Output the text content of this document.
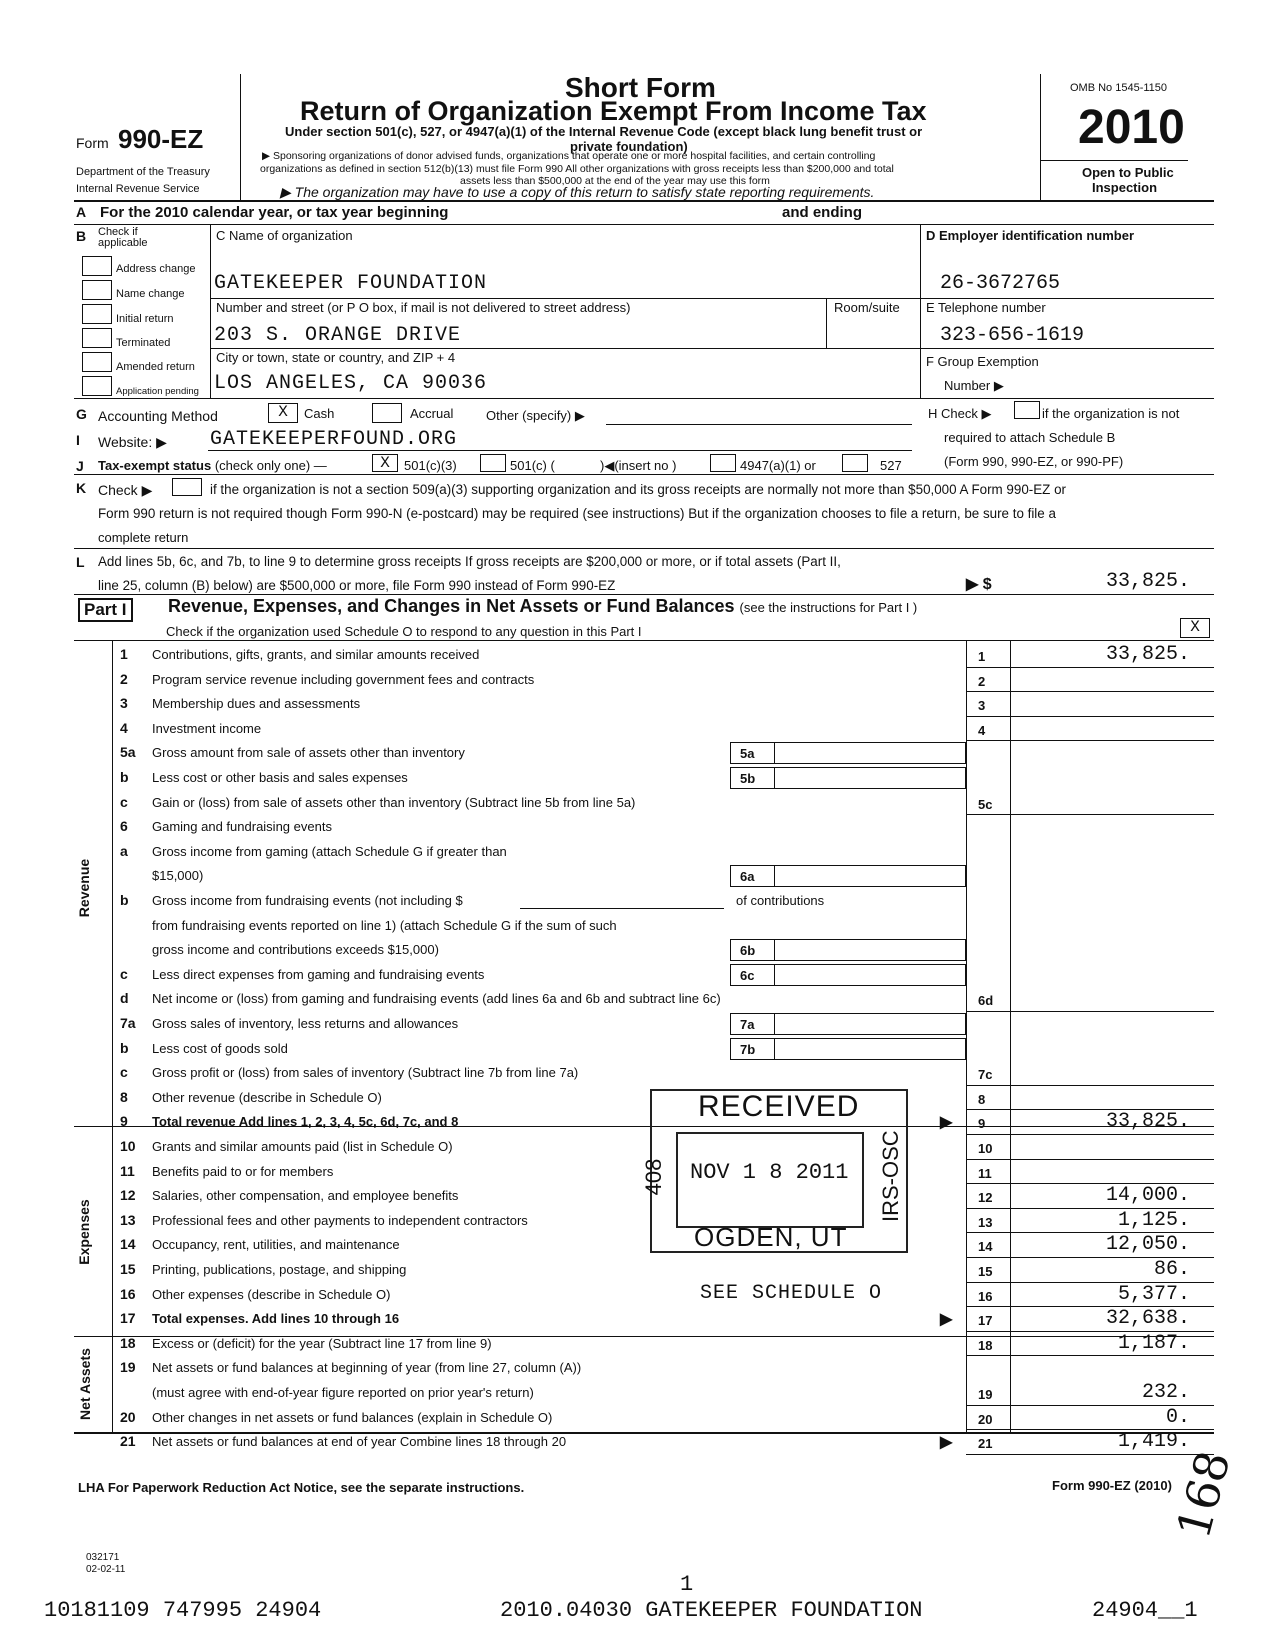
Form 990-EZ
Department of the Treasury
Internal Revenue Service
Short Form
Return of Organization Exempt From Income Tax
Under section 501(c), 527, or 4947(a)(1) of the Internal Revenue Code (except black lung benefit trust or
private foundation)
▶ Sponsoring organizations of donor advised funds, organizations that operate one or more hospital facilities, and certain controlling
organizations as defined in section 512(b)(13) must file Form 990 All other organizations with gross receipts less than $200,000 and total
assets less than $500,000 at the end of the year may use this form
▶ The organization may have to use a copy of this return to satisfy state reporting requirements.
OMB No 1545-1150
2010
Open to Public
Inspection
A For the 2010 calendar year, or tax year beginning	and ending
B Check if
applicable
Address change
Name change
Initial return
Terminated
Amended return
Application pending
C Name of organization
GATEKEEPER FOUNDATION
Number and street (or P O box, if mail is not delivered to street address)	Room/suite
203 S. ORANGE DRIVE
City or town, state or country, and ZIP + 4
LOS ANGELES, CA 90036
D Employer identification number
26-3672765
E Telephone number
323-656-1619
F Group Exemption
Number ▶
G Accounting Method	X	Cash	Accrual	Other (specify) ▶	H Check ▶	if the organization is not
required to attach Schedule B
(Form 990, 990-EZ, or 990-PF)
I Website: ▶ GATEKEEPERFOUND.ORG
J Tax-exempt status (check only one) —	X	501(c)(3)	501(c) (	)◀(insert no )	4947(a)(1) or	527
K Check ▶	if the organization is not a section 509(a)(3) supporting organization and its gross receipts are normally not more than $50,000 A Form 990-EZ or
Form 990 return is not required though Form 990-N (e-postcard) may be required (see instructions) But if the organization chooses to file a return, be sure to file a
complete return
L Add lines 5b, 6c, and 7b, to line 9 to determine gross receipts If gross receipts are $200,000 or more, or if total assets (Part II,
line 25, column (B) below) are $500,000 or more, file Form 990 instead of Form 990-EZ	▶ $	33,825.
Part I	Revenue, Expenses, and Changes in Net Assets or Fund Balances (see the instructions for Part I )
Check if the organization used Schedule O to respond to any question in this Part I	X
1 Contributions, gifts, grants, and similar amounts received	1	33,825.
2 Program service revenue including government fees and contracts	2
3 Membership dues and assessments	3
4 Investment income	4
5a Gross amount from sale of assets other than inventory	5a
b Less cost or other basis and sales expenses	5b
c Gain or (loss) from sale of assets other than inventory (Subtract line 5b from line 5a)	5c
6 Gaming and fundraising events
a Gross income from gaming (attach Schedule G if greater than
$15,000)	6a
b Gross income from fundraising events (not including $	of contributions
from fundraising events reported on line 1) (attach Schedule G if the sum of such
gross income and contributions exceeds $15,000)	6b
c Less direct expenses from gaming and fundraising events	6c
d Net income or (loss) from gaming and fundraising events (add lines 6a and 6b and subtract line 6c)	6d
7a Gross sales of inventory, less returns and allowances	7a
b Less cost of goods sold	7b
c Gross profit or (loss) from sales of inventory (Subtract line 7b from line 7a)	7c
8 Other revenue (describe in Schedule O)	8
9 Total revenue Add lines 1, 2, 3, 4, 5c, 6d, 7c, and 8	9	33,825.
▶
10 Grants and similar amounts paid (list in Schedule O)	10
11 Benefits paid to or for members	11
12 Salaries, other compensation, and employee benefits	12	14,000.
13 Professional fees and other payments to independent contractors	13	1,125.
14 Occupancy, rent, utilities, and maintenance	14	12,050.
15 Printing, publications, postage, and shipping	15	86.
16 Other expenses (describe in Schedule O)	16	5,377.
SEE SCHEDULE O
17 Total expenses. Add lines 10 through 16	17	32,638.
▶
18 Excess or (deficit) for the year (Subtract line 17 from line 9)	18	1,187.
19 Net assets or fund balances at beginning of year (from line 27, column (A))
(must agree with end-of-year figure reported on prior year's return)	19	232.
20 Other changes in net assets or fund balances (explain in Schedule O)	20	0.
21 Net assets or fund balances at end of year Combine lines 18 through 20	21	1,419.
▶
Revenue
Expenses
Net Assets
RECEIVED
NOV 1 8 2011
OGDEN, UT
408	IRS-OSC
LHA For Paperwork Reduction Act Notice, see the separate instructions.	Form 990-EZ (2010)
032171
02-02-11
1
10181109 747995 24904	2010.04030 GATEKEEPER FOUNDATION	24904__1
168
